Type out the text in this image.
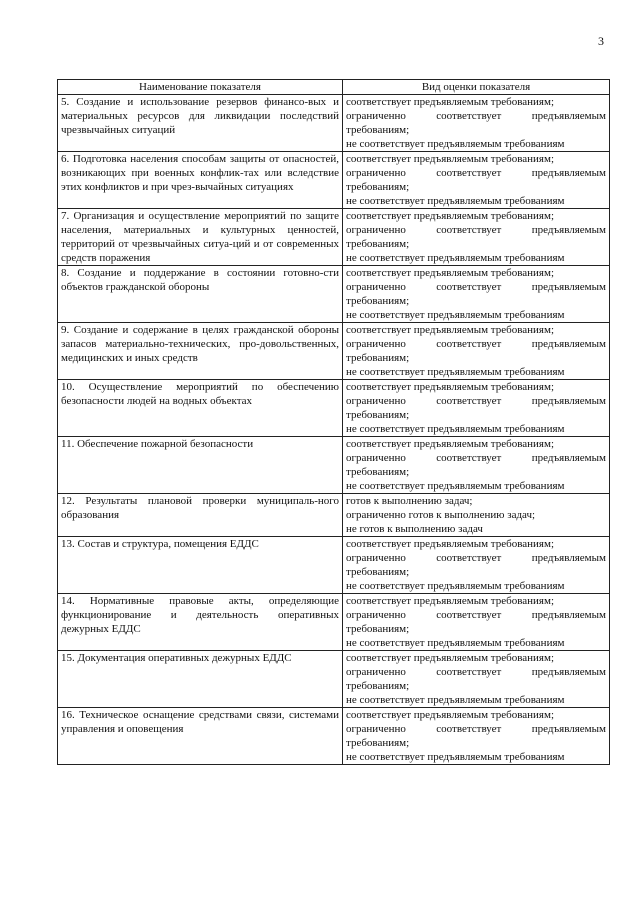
3
Наименование показателя	Вид оценки показателя
5. Создание и использование резервов финансо-вых и материальных ресурсов для ликвидации последствий чрезвычайных ситуаций	соответствует предъявляемым требованиям;
ограниченно соответствует предъявляемым
требованиям;
не соответствует предъявляемым требованиям

6. Подготовка населения способам защиты от опасностей, возникающих при военных конфлик-тах или вследствие этих конфликтов и при чрез-вычайных ситуациях	соответствует предъявляемым требованиям;
ограниченно соответствует предъявляемым
требованиям;
не соответствует предъявляемым требованиям

7. Организация и осуществление мероприятий по защите населения, материальных и культурных ценностей, территорий от чрезвычайных ситуа-ций и от современных средств поражения	соответствует предъявляемым требованиям;
ограниченно соответствует предъявляемым
требованиям;
не соответствует предъявляемым требованиям

8. Создание и поддержание в состоянии готовно-сти объектов гражданской обороны	соответствует предъявляемым требованиям;
ограниченно соответствует предъявляемым
требованиям;
не соответствует предъявляемым требованиям

9. Создание и содержание в целях гражданской обороны запасов материально-технических, про-довольственных, медицинских и иных средств	соответствует предъявляемым требованиям;
ограниченно соответствует предъявляемым
требованиям;
не соответствует предъявляемым требованиям

10. Осуществление мероприятий по обеспечению безопасности людей на водных объектах	соответствует предъявляемым требованиям;
ограниченно соответствует предъявляемым
требованиям;
не соответствует предъявляемым требованиям

11. Обеспечение пожарной безопасности	соответствует предъявляемым требованиям;
ограниченно соответствует предъявляемым
требованиям;
не соответствует предъявляемым требованиям

12. Результаты плановой проверки муниципаль-ного образования	готов к выполнению задач;
ограниченно готов к выполнению задач;
не готов к выполнению задач

13. Состав и структура, помещения ЕДДС	соответствует предъявляемым требованиям;
ограниченно соответствует предъявляемым
требованиям;
не соответствует предъявляемым требованиям

14. Нормативные правовые акты, определяющие функционирование и деятельность оперативных дежурных ЕДДС	соответствует предъявляемым требованиям;
ограниченно соответствует предъявляемым
требованиям;
не соответствует предъявляемым требованиям

15. Документация оперативных дежурных ЕДДС	соответствует предъявляемым требованиям;
ограниченно соответствует предъявляемым
требованиям;
не соответствует предъявляемым требованиям

16. Техническое оснащение средствами связи, системами управления и оповещения	соответствует предъявляемым требованиям;
ограниченно соответствует предъявляемым
требованиям;
не соответствует предъявляемым требованиям
